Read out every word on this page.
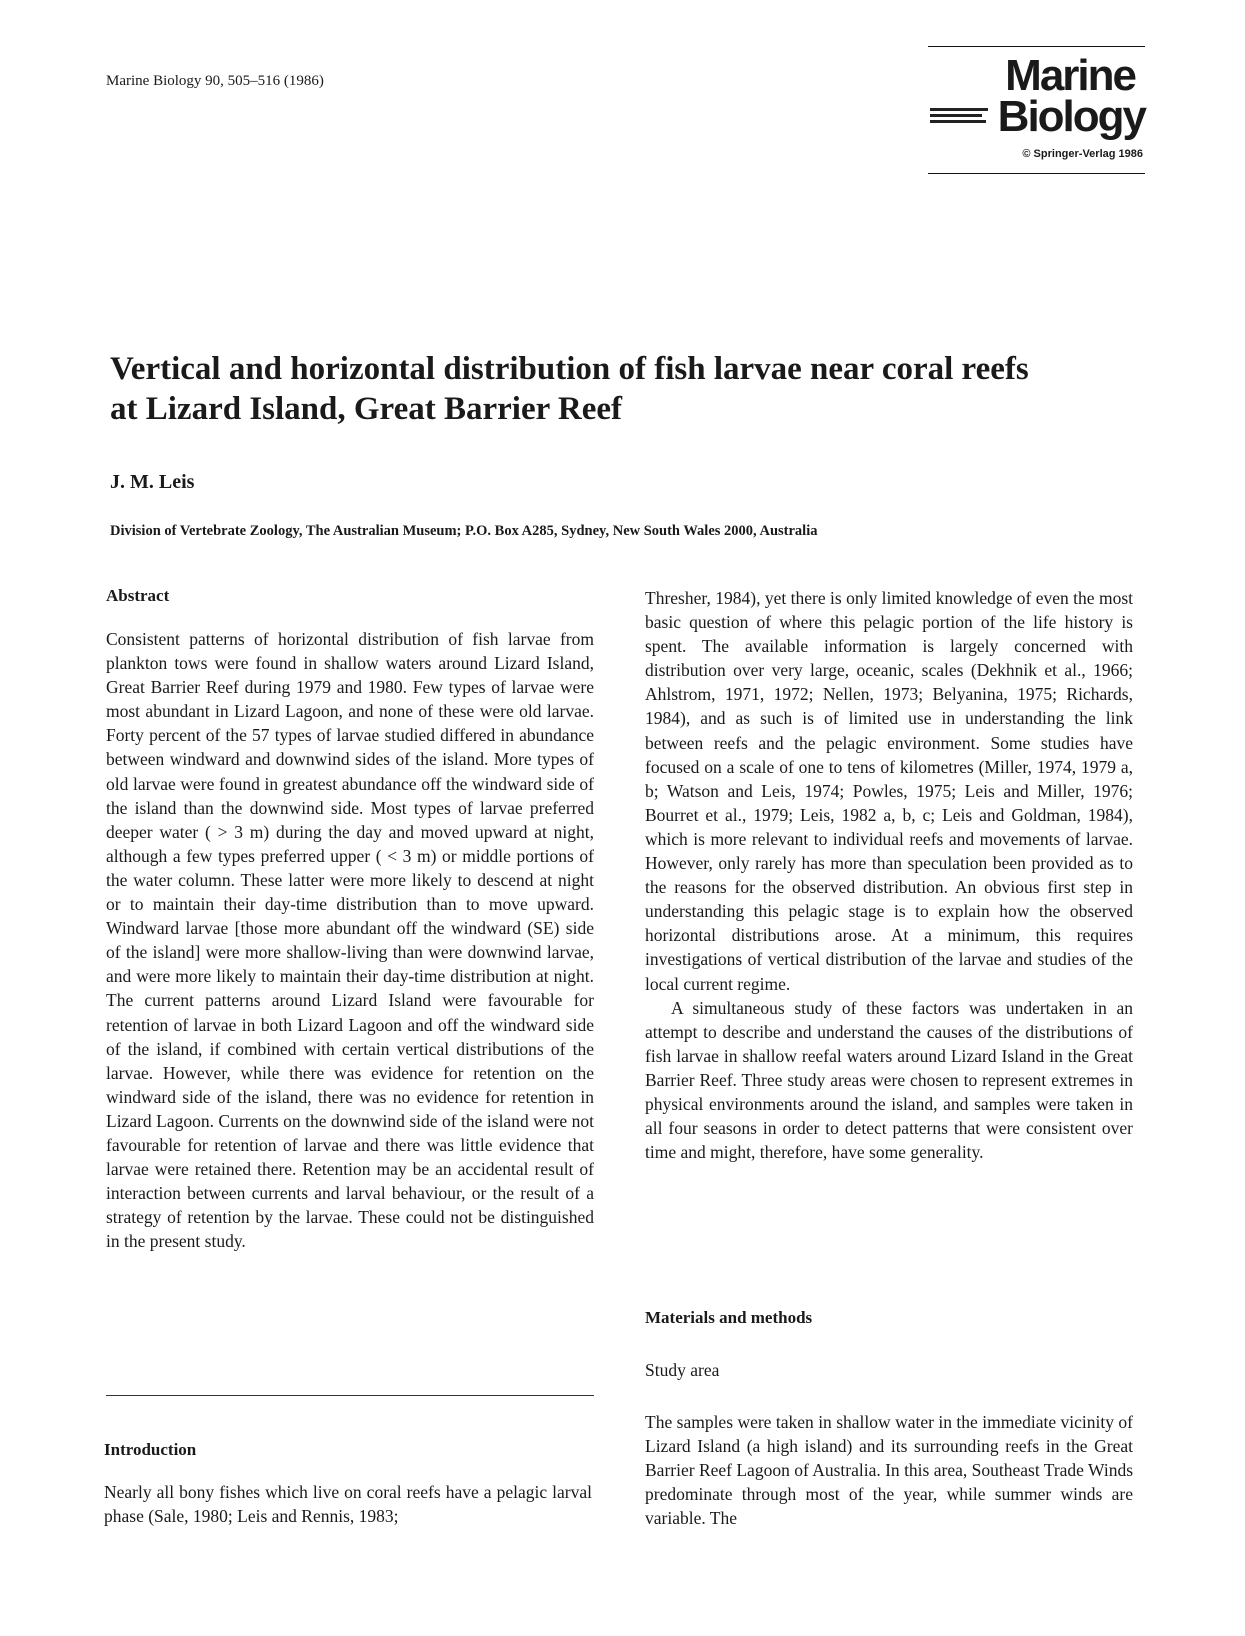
Marine Biology 90, 505–516 (1986)	Marine
Biology
© Springer-Verlag 1986
Vertical and horizontal distribution of fish larvae near coral reefs
at Lizard Island, Great Barrier Reef
J. M. Leis
Division of Vertebrate Zoology, The Australian Museum; P.O. Box A285, Sydney, New South Wales 2000, Australia
Abstract

Consistent patterns of horizontal distribution of fish larvae from plankton tows were found in shallow waters around Lizard Island, Great Barrier Reef during 1979 and 1980. Few types of larvae were most abundant in Lizard Lagoon, and none of these were old larvae. Forty percent of the 57 types of larvae studied differed in abundance between windward and downwind sides of the island. More types of old larvae were found in greatest abundance off the windward side of the island than the downwind side. Most types of larvae preferred deeper water ( > 3 m) during the day and moved upward at night, although a few types preferred upper ( < 3 m) or middle portions of the water column. These latter were more likely to descend at night or to maintain their day-time distribution than to move upward. Windward larvae [those more abundant off the windward (SE) side of the island] were more shallow-living than were downwind larvae, and were more likely to maintain their day-time distribution at night. The current patterns around Lizard Island were favourable for retention of larvae in both Lizard Lagoon and off the windward side of the island, if combined with certain vertical distributions of the larvae. However, while there was evidence for retention on the windward side of the island, there was no evidence for retention in Lizard Lagoon. Currents on the downwind side of the island were not favourable for retention of larvae and there was little evidence that larvae were retained there. Retention may be an accidental result of interaction between currents and larval behaviour, or the result of a strategy of retention by the larvae. These could not be distinguished in the present study.

Introduction

Nearly all bony fishes which live on coral reefs have a pelagic larval phase (Sale, 1980; Leis and Rennis, 1983;

Thresher, 1984), yet there is only limited knowledge of even the most basic question of where this pelagic portion of the life history is spent. The available information is largely concerned with distribution over very large, oceanic, scales (Dekhnik et al., 1966; Ahlstrom, 1971, 1972; Nellen, 1973; Belyanina, 1975; Richards, 1984), and as such is of limited use in understanding the link between reefs and the pelagic environment. Some studies have focused on a scale of one to tens of kilometres (Miller, 1974, 1979 a, b; Watson and Leis, 1974; Powles, 1975; Leis and Miller, 1976; Bourret et al., 1979; Leis, 1982 a, b, c; Leis and Goldman, 1984), which is more relevant to individual reefs and movements of larvae. However, only rarely has more than speculation been provided as to the reasons for the observed distribution. An obvious first step in understanding this pelagic stage is to explain how the observed horizontal distributions arose. At a minimum, this requires investigations of vertical distribution of the larvae and studies of the local current regime.

A simultaneous study of these factors was undertaken in an attempt to describe and understand the causes of the distributions of fish larvae in shallow reefal waters around Lizard Island in the Great Barrier Reef. Three study areas were chosen to represent extremes in physical environments around the island, and samples were taken in all four seasons in order to detect patterns that were consistent over time and might, therefore, have some generality.

Materials and methods
Study area

The samples were taken in shallow water in the immediate vicinity of Lizard Island (a high island) and its surrounding reefs in the Great Barrier Reef Lagoon of Australia. In this area, Southeast Trade Winds predominate through most of the year, while summer winds are variable. The
